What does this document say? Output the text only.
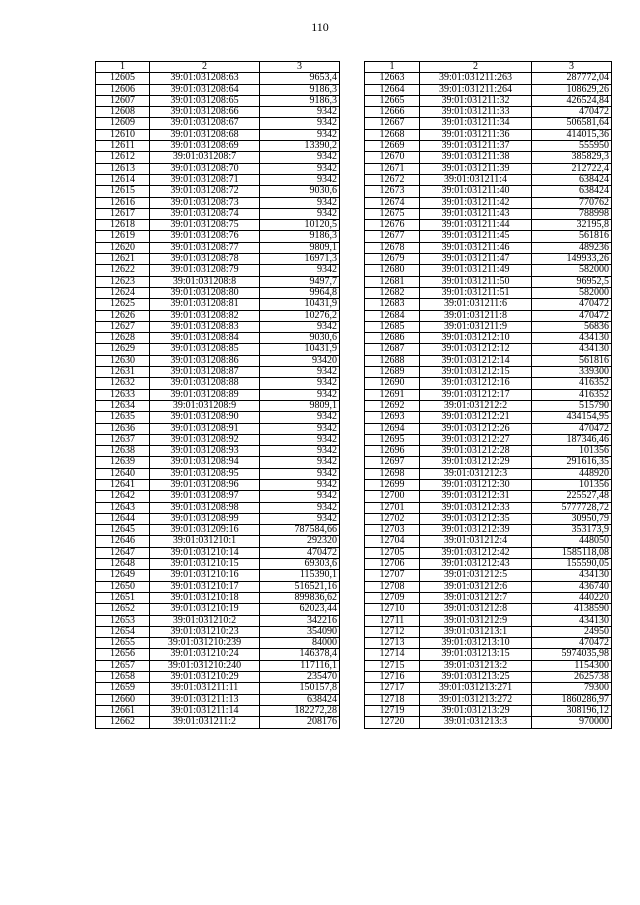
110
1	2	3
12605	39:01:031208:63	9653,4
12606	39:01:031208:64	9186,3
12607	39:01:031208:65	9186,3
12608	39:01:031208:66	9342
12609	39:01:031208:67	9342
12610	39:01:031208:68	9342
12611	39:01:031208:69	13390,2
12612	39:01:031208:7	9342
12613	39:01:031208:70	9342
12614	39:01:031208:71	9342
12615	39:01:031208:72	9030,6
12616	39:01:031208:73	9342
12617	39:01:031208:74	9342
12618	39:01:031208:75	10120,5
12619	39:01:031208:76	9186,3
12620	39:01:031208:77	9809,1
12621	39:01:031208:78	16971,3
12622	39:01:031208:79	9342
12623	39:01:031208:8	9497,7
12624	39:01:031208:80	9964,8
12625	39:01:031208:81	10431,9
12626	39:01:031208:82	10276,2
12627	39:01:031208:83	9342
12628	39:01:031208:84	9030,6
12629	39:01:031208:85	10431,9
12630	39:01:031208:86	93420
12631	39:01:031208:87	9342
12632	39:01:031208:88	9342
12633	39:01:031208:89	9342
12634	39:01:031208:9	9809,1
12635	39:01:031208:90	9342
12636	39:01:031208:91	9342
12637	39:01:031208:92	9342
12638	39:01:031208:93	9342
12639	39:01:031208:94	9342
12640	39:01:031208:95	9342
12641	39:01:031208:96	9342
12642	39:01:031208:97	9342
12643	39:01:031208:98	9342
12644	39:01:031208:99	9342
12645	39:01:031209:16	787584,66
12646	39:01:031210:1	292320
12647	39:01:031210:14	470472
12648	39:01:031210:15	69303,6
12649	39:01:031210:16	115390,1
12650	39:01:031210:17	516521,16
12651	39:01:031210:18	899836,62
12652	39:01:031210:19	62023,44
12653	39:01:031210:2	342216
12654	39:01:031210:23	354090
12655	39:01:031210:239	84000
12656	39:01:031210:24	146378,4
12657	39:01:031210:240	117116,1
12658	39:01:031210:29	235470
12659	39:01:031211:11	150157,8
12660	39:01:031211:13	638424
12661	39:01:031211:14	182272,28
12662	39:01:031211:2	208176
1	2	3
12663	39:01:031211:263	287772,04
12664	39:01:031211:264	108629,26
12665	39:01:031211:32	426524,84
12666	39:01:031211:33	470472
12667	39:01:031211:34	506581,64
12668	39:01:031211:36	414015,36
12669	39:01:031211:37	555950
12670	39:01:031211:38	385829,3
12671	39:01:031211:39	212722,4
12672	39:01:031211:4	638424
12673	39:01:031211:40	638424
12674	39:01:031211:42	770762
12675	39:01:031211:43	788998
12676	39:01:031211:44	32195,8
12677	39:01:031211:45	561816
12678	39:01:031211:46	489236
12679	39:01:031211:47	149933,26
12680	39:01:031211:49	582000
12681	39:01:031211:50	96952,5
12682	39:01:031211:51	582000
12683	39:01:031211:6	470472
12684	39:01:031211:8	470472
12685	39:01:031211:9	56836
12686	39:01:031212:10	434130
12687	39:01:031212:12	434130
12688	39:01:031212:14	561816
12689	39:01:031212:15	339300
12690	39:01:031212:16	416352
12691	39:01:031212:17	416352
12692	39:01:031212:2	515790
12693	39:01:031212:21	434154,95
12694	39:01:031212:26	470472
12695	39:01:031212:27	187346,46
12696	39:01:031212:28	101356
12697	39:01:031212:29	291616,35
12698	39:01:031212:3	448920
12699	39:01:031212:30	101356
12700	39:01:031212:31	225527,48
12701	39:01:031212:33	5777728,72
12702	39:01:031212:35	30950,79
12703	39:01:031212:39	353173,9
12704	39:01:031212:4	448050
12705	39:01:031212:42	1585118,08
12706	39:01:031212:43	155590,05
12707	39:01:031212:5	434130
12708	39:01:031212:6	436740
12709	39:01:031212:7	440220
12710	39:01:031212:8	4138590
12711	39:01:031212:9	434130
12712	39:01:031213:1	24950
12713	39:01:031213:10	470472
12714	39:01:031213:15	5974035,98
12715	39:01:031213:2	1154300
12716	39:01:031213:25	2625738
12717	39:01:031213:271	79300
12718	39:01:031213:272	1860286,97
12719	39:01:031213:29	308196,12
12720	39:01:031213:3	970000
